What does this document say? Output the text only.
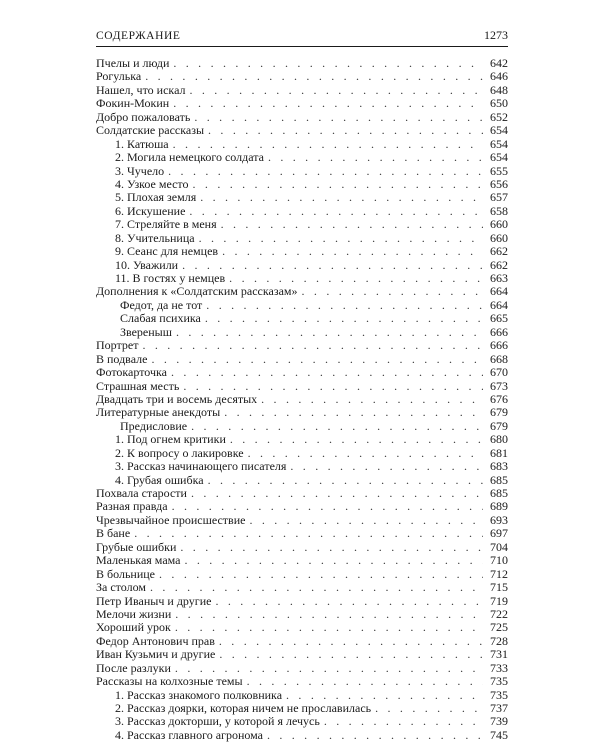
СОДЕРЖАНИЕ	1273
Пчелы и люди . . .	642
Рогулька . . .	646
Нашел, что искал . . .	648
Фокин-Мокин . . .	650
Добро пожаловать . . .	652
Солдатские рассказы . . .	654
1. Катюша . . .	654
2. Могила немецкого солдата . . .	654
3. Чучело . . .	655
4. Узкое место . . .	656
5. Плохая земля . . .	657
6. Искушение . . .	658
7. Стреляйте в меня . . .	660
8. Учительница . . .	660
9. Сеанс для немцев . . .	662
10. Уважили . . .	662
11. В гостях у немцев . . .	663
Дополнения к «Солдатским рассказам» . . .	664
Федот, да не тот . . .	664
Слабая психика . . .	665
Звереныш . . .	666
Портрет . . .	666
В подвале . . .	668
Фотокарточка . . .	670
Страшная месть . . .	673
Двадцать три и восемь десятых . . .	676
Литературные анекдоты . . .	679
Предисловие . . .	679
1. Под огнем критики . . .	680
2. К вопросу о лакировке . . .	681
3. Рассказ начинающего писателя . . .	683
4. Грубая ошибка . . .	685
Похвала старости . . .	685
Разная правда . . .	689
Чрезвычайное происшествие . . .	693
В бане . . .	697
Грубые ошибки . . .	704
Маленькая мама . . .	710
В больнице . . .	712
За столом . . .	715
Петр Иваныч и другие . . .	719
Мелочи жизни . . .	722
Хороший урок . . .	725
Федор Антонович прав . . .	728
Иван Кузьмич и другие . . .	731
После разлуки . . .	733
Рассказы на колхозные темы . . .	735
1. Рассказ знакомого полковника . . .	735
2. Рассказ доярки, которая ничем не прославилась . . .	737
3. Рассказ докторши, у которой я лечусь . . .	739
4. Рассказ главного агронома . . .	745
